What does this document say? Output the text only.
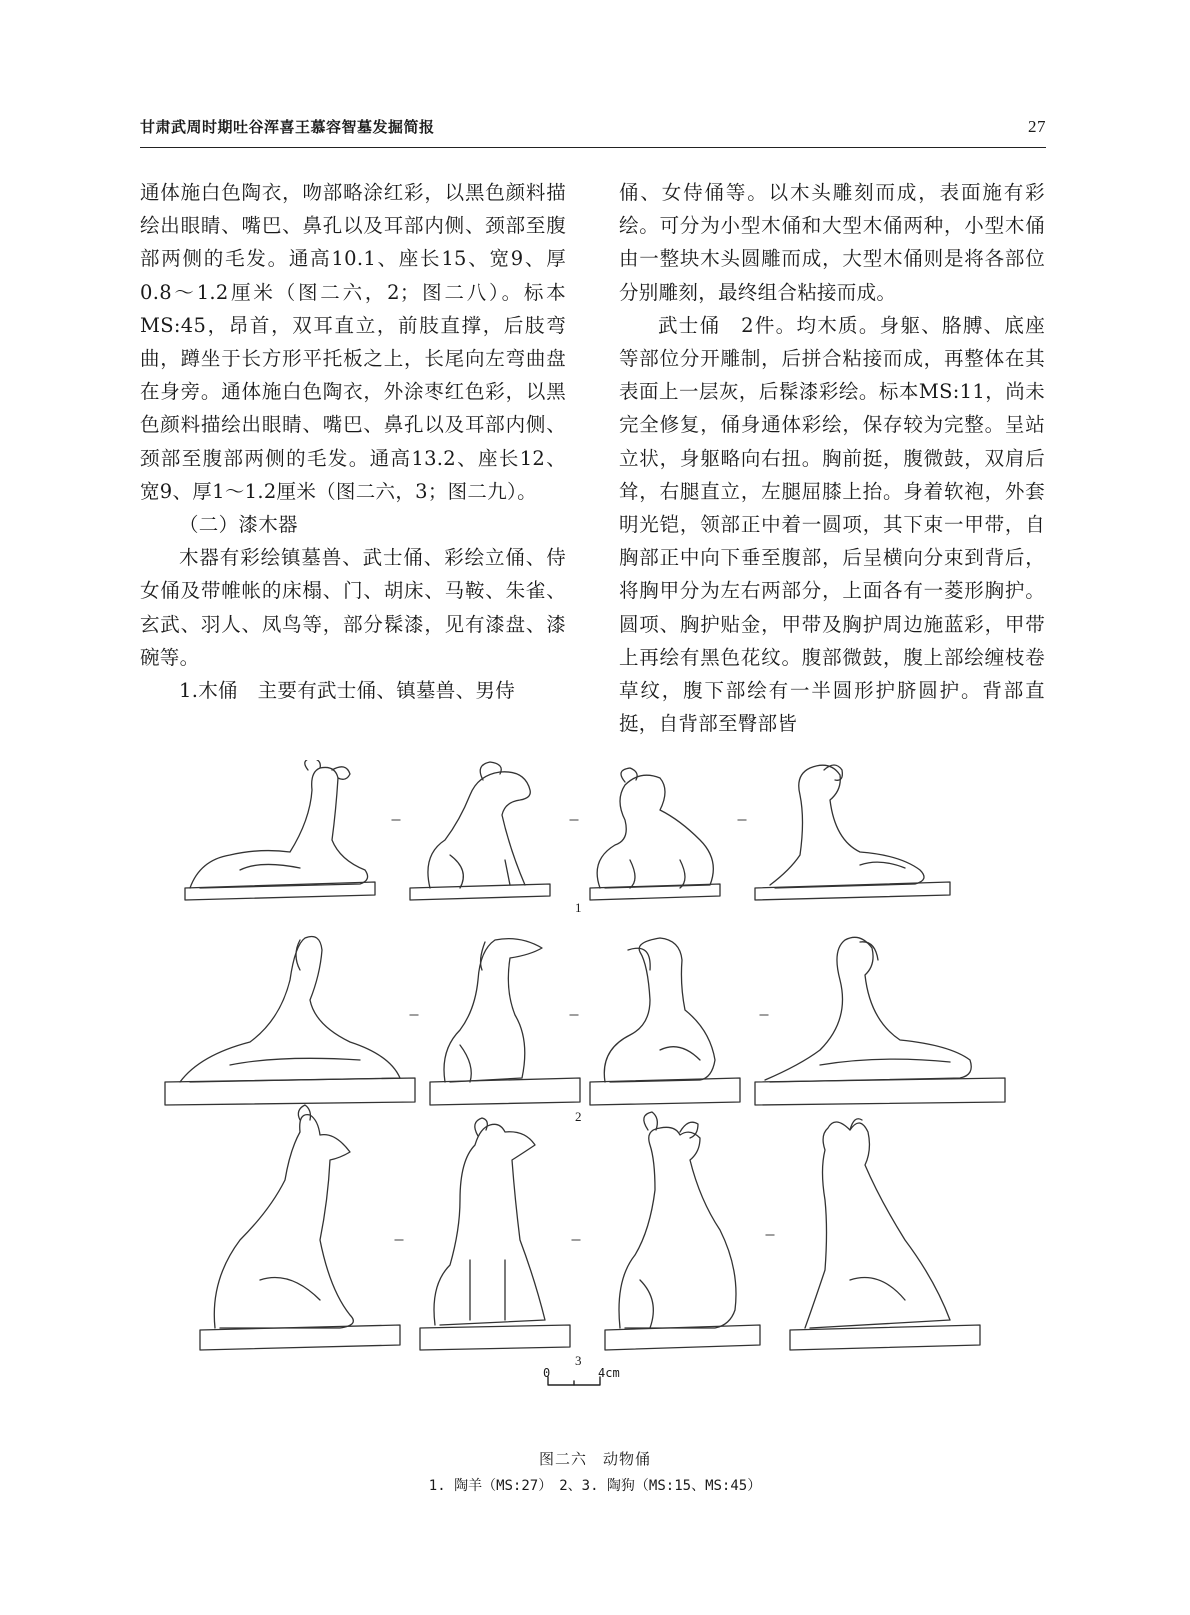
甘肃武周时期吐谷浑喜王慕容智墓发掘简报	27

通体施白色陶衣，吻部略涂红彩，以黑色颜料描绘出眼睛、嘴巴、鼻孔以及耳部内侧、颈部至腹部两侧的毛发。通高10.1、座长15、宽9、厚0.8～1.2厘米（图二六，2；图二八）。标本MS:45，昂首，双耳直立，前肢直撑，后肢弯曲，蹲坐于长方形平托板之上，长尾向左弯曲盘在身旁。通体施白色陶衣，外涂枣红色彩，以黑色颜料描绘出眼睛、嘴巴、鼻孔以及耳部内侧、颈部至腹部两侧的毛发。通高13.2、座长12、宽9、厚1～1.2厘米（图二六，3；图二九）。

（二）漆木器

木器有彩绘镇墓兽、武士俑、彩绘立俑、侍女俑及带帷帐的床榻、门、胡床、马鞍、朱雀、玄武、羽人、凤鸟等，部分髹漆，见有漆盘、漆碗等。

1.木俑　主要有武士俑、镇墓兽、男侍

俑、女侍俑等。以木头雕刻而成，表面施有彩绘。可分为小型木俑和大型木俑两种，小型木俑由一整块木头圆雕而成，大型木俑则是将各部位分别雕刻，最终组合粘接而成。

武士俑　2件。均木质。身躯、胳膊、底座等部位分开雕制，后拼合粘接而成，再整体在其表面上一层灰，后髹漆彩绘。标本MS:11，尚未完全修复，俑身通体彩绘，保存较为完整。呈站立状，身躯略向右扭。胸前挺，腹微鼓，双肩后耸，右腿直立，左腿屈膝上抬。身着软袍，外套明光铠，领部正中着一圆项，其下束一甲带，自胸部正中向下垂至腹部，后呈横向分束到背后，将胸甲分为左右两部分，上面各有一菱形胸护。圆项、胸护贴金，甲带及胸护周边施蓝彩，甲带上再绘有黑色花纹。腹部微鼓，腹上部绘缠枝卷草纹，腹下部绘有一半圆形护脐圆护。背部直挺，自背部至臀部皆

1
2
3
0	4cm
图二六　动物俑
1. 陶羊（MS:27）　2、3. 陶狗（MS:15、MS:45）
